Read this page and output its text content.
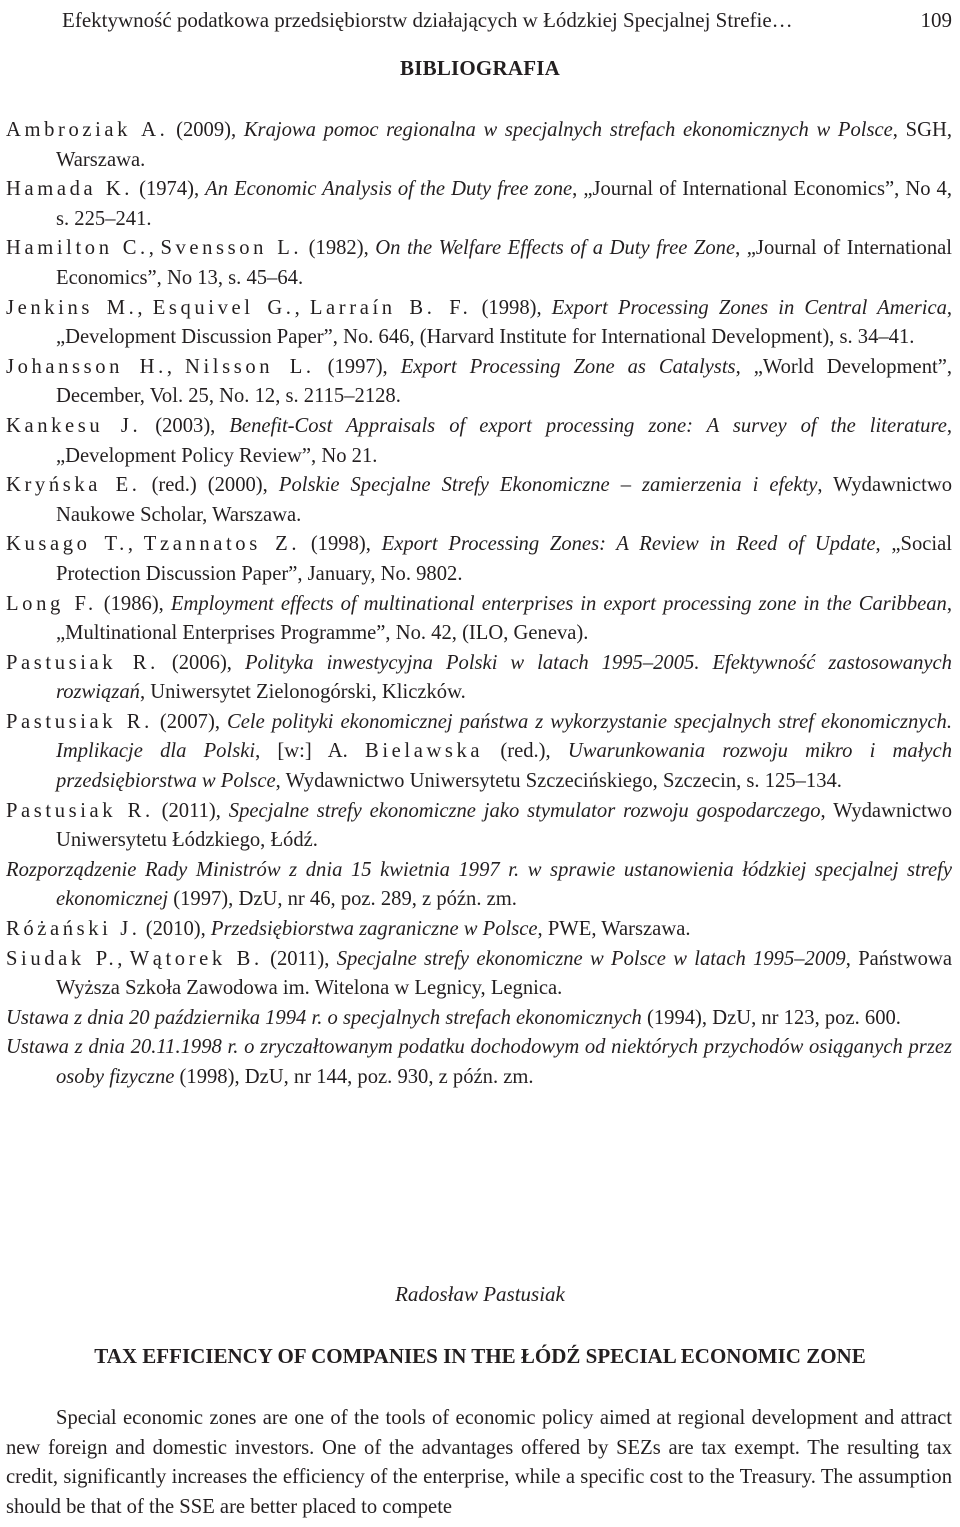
Efektywność podatkowa przedsiębiorstw działających w Łódzkiej Specjalnej Strefie…	109
BIBLIOGRAFIA

Ambroziak A. (2009), Krajowa pomoc regionalna w specjalnych strefach ekonomicznych w Polsce, SGH, Warszawa.

Hamada K. (1974), An Economic Analysis of the Duty free zone, „Journal of International Economics”, No 4, s. 225–241.

Hamilton C., Svensson L. (1982), On the Welfare Effects of a Duty free Zone, „Journal of International Economics”, No 13, s. 45–64.

Jenkins M., Esquivel G., Larraín B. F. (1998), Export Processing Zones in Central America, „Development Discussion Paper”, No. 646, (Harvard Institute for International Development), s. 34–41.

Johansson H., Nilsson L. (1997), Export Processing Zone as Catalysts, „World Development”, December, Vol. 25, No. 12, s. 2115–2128.

Kankesu J. (2003), Benefit-Cost Appraisals of export processing zone: A survey of the literature, „Development Policy Review”, No 21.

Kryńska E. (red.) (2000), Polskie Specjalne Strefy Ekonomiczne – zamierzenia i efekty, Wydawnictwo Naukowe Scholar, Warszawa.

Kusago T., Tzannatos Z. (1998), Export Processing Zones: A Review in Reed of Update, „Social Protection Discussion Paper”, January, No. 9802.

Long F. (1986), Employment effects of multinational enterprises in export processing zone in the Caribbean, „Multinational Enterprises Programme”, No. 42, (ILO, Geneva).

Pastusiak R. (2006), Polityka inwestycyjna Polski w latach 1995–2005. Efektywność zastosowanych rozwiązań, Uniwersytet Zielonogórski, Kliczków.

Pastusiak R. (2007), Cele polityki ekonomicznej państwa z wykorzystanie specjalnych stref ekonomicznych. Implikacje dla Polski, [w:] A. Bielawska (red.), Uwarunkowania rozwoju mikro i małych przedsiębiorstwa w Polsce, Wydawnictwo Uniwersytetu Szczecińskiego, Szczecin, s. 125–134.

Pastusiak R. (2011), Specjalne strefy ekonomiczne jako stymulator rozwoju gospodarczego, Wydawnictwo Uniwersytetu Łódzkiego, Łódź.

Rozporządzenie Rady Ministrów z dnia 15 kwietnia 1997 r. w sprawie ustanowienia łódzkiej specjalnej strefy ekonomicznej (1997), DzU, nr 46, poz. 289, z późn. zm.

Różański J. (2010), Przedsiębiorstwa zagraniczne w Polsce, PWE, Warszawa.

Siudak P., Wątorek B. (2011), Specjalne strefy ekonomiczne w Polsce w latach 1995–2009, Państwowa Wyższa Szkoła Zawodowa im. Witelona w Legnicy, Legnica.

Ustawa z dnia 20 października 1994 r. o specjalnych strefach ekonomicznych (1994), DzU, nr 123, poz. 600.

Ustawa z dnia 20.11.1998 r. o zryczałtowanym podatku dochodowym od niektórych przychodów osiąganych przez osoby fizyczne (1998), DzU, nr 144, poz. 930, z późn. zm.

Radosław Pastusiak
TAX EFFICIENCY OF COMPANIES IN THE ŁÓDŹ SPECIAL ECONOMIC ZONE

Special economic zones are one of the tools of economic policy aimed at regional development and attract new foreign and domestic investors. One of the advantages offered by SEZs are tax exempt. The resulting tax credit, significantly increases the efficiency of the enterprise, while a specific cost to the Treasury. The assumption should be that of the SSE are better placed to compete
